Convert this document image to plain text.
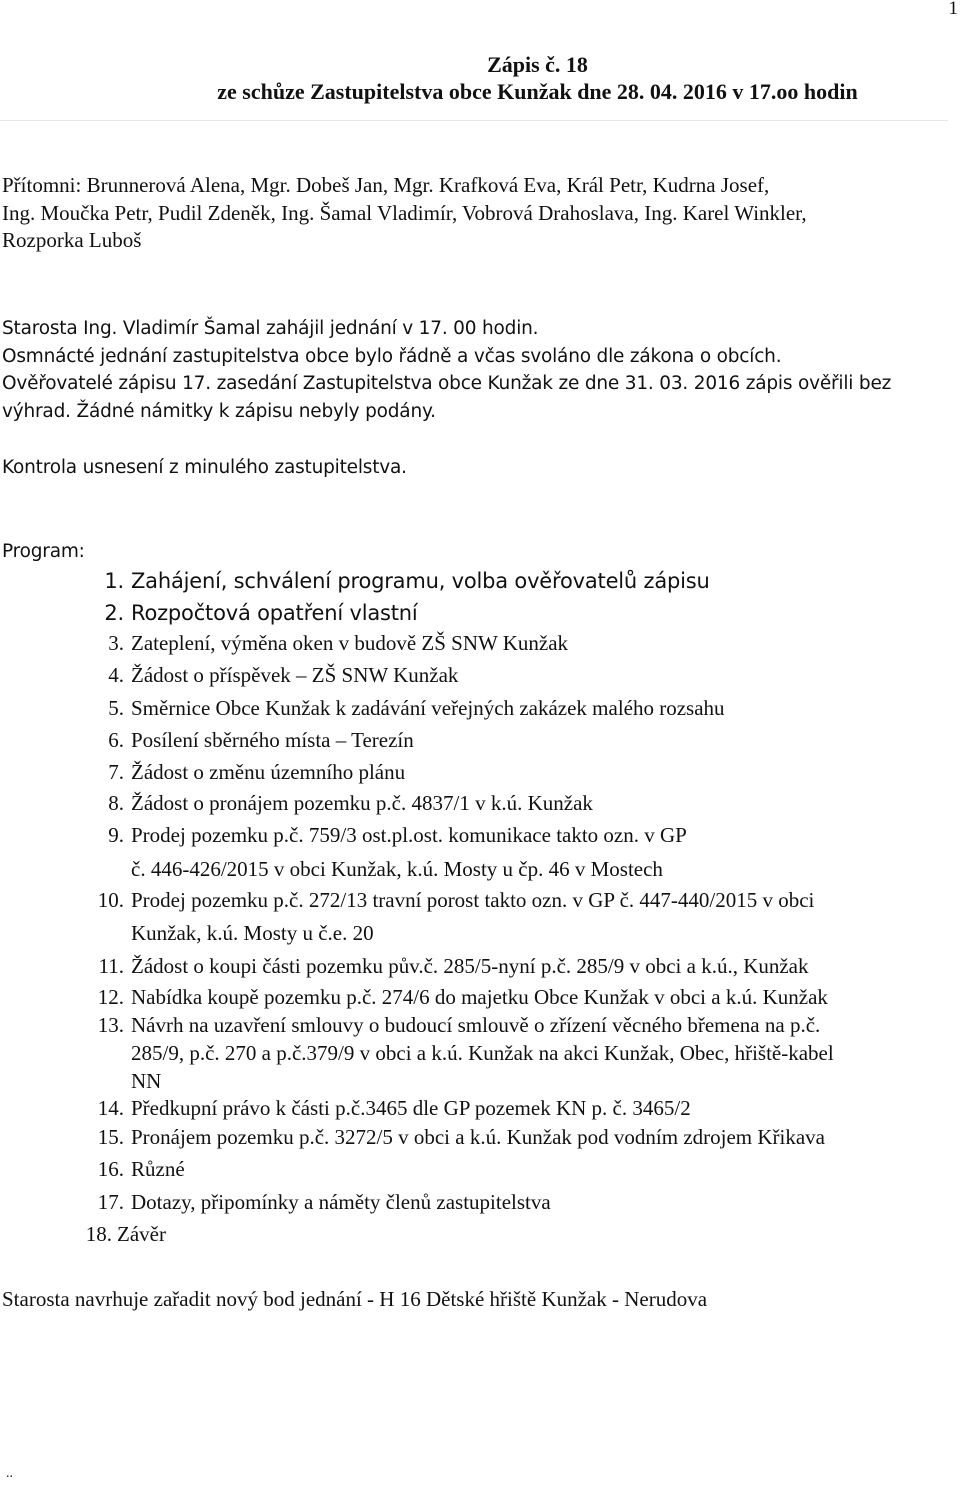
1
Zápis č. 18
ze schůze Zastupitelstva obce Kunžak dne 28. 04. 2016 v 17.oo hodin
Přítomni: Brunnerová Alena, Mgr. Dobeš Jan, Mgr. Krafková Eva, Král Petr, Kudrna Josef,
Ing. Moučka Petr, Pudil Zdeněk, Ing. Šamal Vladimír, Vobrová Drahoslava, Ing. Karel Winkler,
Rozporka Luboš
Starosta Ing. Vladimír Šamal zahájil jednání v 17. 00 hodin.
Osmnácté jednání zastupitelstva obce bylo řádně a včas svoláno dle zákona o obcích.
Ověřovatelé zápisu 17. zasedání Zastupitelstva obce Kunžak ze dne 31. 03. 2016 zápis ověřili bez
výhrad. Žádné námitky k zápisu nebyly podány.
Kontrola usnesení z minulého zastupitelstva.
Program:
1. Zahájení, schválení programu, volba ověřovatelů zápisu
2. Rozpočtová opatření vlastní
3. Zateplení, výměna oken v budově ZŠ SNW Kunžak
4. Žádost o příspěvek – ZŠ SNW Kunžak
5. Směrnice Obce Kunžak k zadávání veřejných zakázek malého rozsahu
6. Posílení sběrného místa – Terezín
7. Žádost o změnu územního plánu
8. Žádost o pronájem pozemku p.č. 4837/1 v k.ú. Kunžak
9. Prodej pozemku p.č. 759/3 ost.pl.ost. komunikace takto ozn. v GP
č. 446-426/2015 v obci Kunžak, k.ú. Mosty u čp. 46 v Mostech
10. Prodej pozemku p.č. 272/13 travní porost takto ozn. v GP č. 447-440/2015 v obci
Kunžak, k.ú. Mosty u č.e. 20
11. Žádost o koupi části pozemku pův.č. 285/5-nyní p.č. 285/9 v obci a k.ú., Kunžak
12. Nabídka koupě pozemku p.č. 274/6 do majetku Obce Kunžak v obci a k.ú. Kunžak
13. Návrh na uzavření smlouvy o budoucí smlouvě o zřízení věcného břemena na p.č.
285/9, p.č. 270 a p.č.379/9 v obci a k.ú. Kunžak na akci Kunžak, Obec, hřiště-kabel
NN
14. Předkupní právo k části p.č.3465 dle GP pozemek KN p. č. 3465/2
15. Pronájem pozemku p.č. 3272/5 v obci a k.ú. Kunžak pod vodním zdrojem Křikava
16. Různé
17. Dotazy, připomínky a náměty členů zastupitelstva
18. Závěr
Starosta navrhuje zařadit nový bod jednání - H 16 Dětské hřiště Kunžak - Nerudova
..
